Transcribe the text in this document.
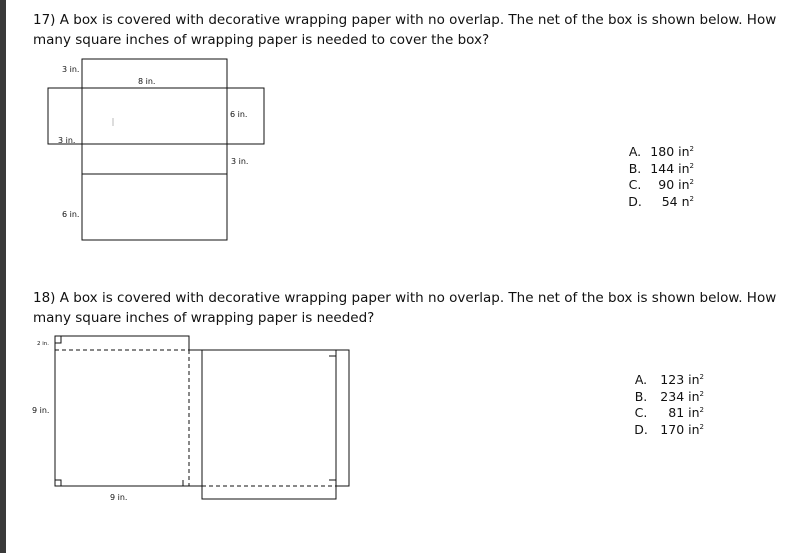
17) A box is covered with decorative wrapping paper with no overlap. The net of the box is shown below. How many square inches of wrapping paper is needed to cover the box?
3 in.
8 in.
6 in.
3 in.
3 in.
6 in.
A. 180 $in^2$
B. 144 $in^2$
C.	90 $in^2$
D.	54 $n^2$
18) A box is covered with decorative wrapping paper with no overlap. The net of the box is shown below. How many square inches of wrapping paper is needed?
2 in.
9 in.
9 in.
A.	123 $in^2$
B.	234 $in^2$
C.	81 $in^2$
D.	170 $in^2$
